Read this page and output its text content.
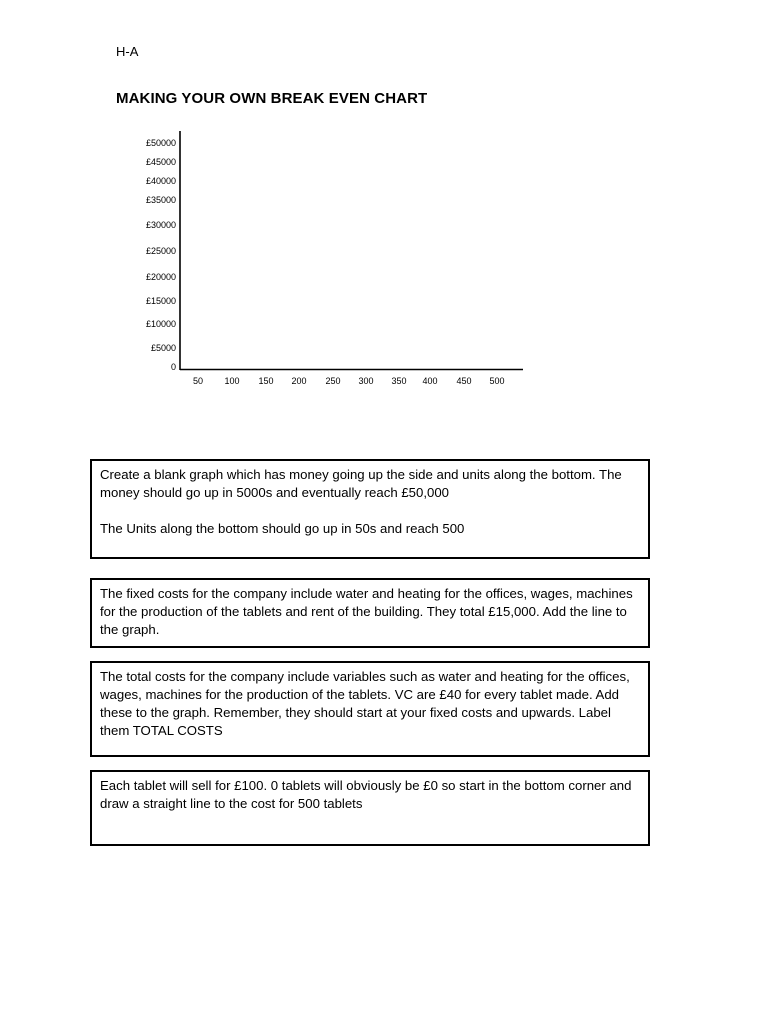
H-A
MAKING YOUR OWN BREAK EVEN CHART
0
£5000
£10000
£15000
£20000
£25000
£30000
£35000
£40000
£45000
£50000
50 100 150 200 250 300 350 400 450 500

Create a blank graph which has money going up the side and units along the bottom. The money should go up in 5000s and eventually reach £50,000

The Units along the bottom should go up in 50s and reach 500

The fixed costs for the company include water and heating for the offices, wages, machines for the production of the tablets and rent of the building. They total £15,000. Add the line to the graph.

The total costs for the company include variables such as water and heating for the offices, wages, machines for the production of the tablets. VC are £40 for every tablet made. Add these to the graph. Remember, they should start at your fixed costs and upwards. Label them TOTAL COSTS

Each tablet will sell for £100. 0 tablets will obviously be £0 so start in the bottom corner and draw a straight line to the cost for 500 tablets
